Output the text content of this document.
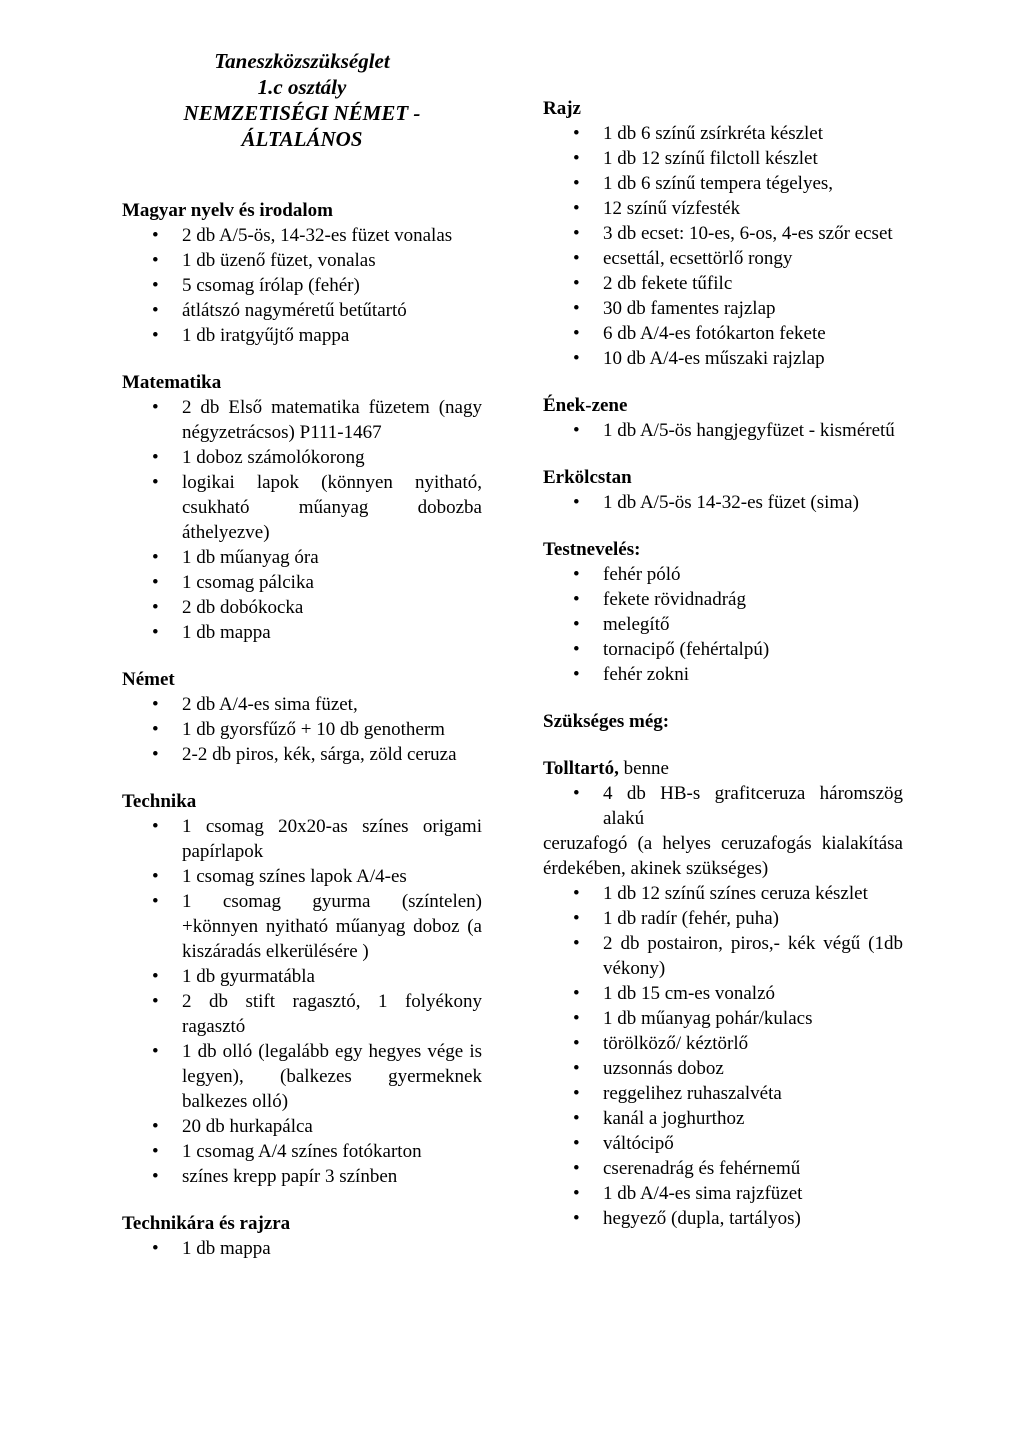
Taneszközszükséglet
1.c osztály
NEMZETISÉGI NÉMET -
ÁLTALÁNOS

Magyar nyelv és irodalom

• 2 db A/5-ös, 14-32-es füzet vonalas
• 1 db üzenő füzet, vonalas
• 5 csomag írólap (fehér)
• átlátszó nagyméretű betűtartó
• 1 db iratgyűjtő mappa

Matematika

• 2 db Első matematika füzetem (nagy négyzetrácsos) P111-1467
• 1 doboz számolókorong
• logikai lapok (könnyen nyitható, csukható műanyag dobozba áthelyezve)
• 1 db műanyag óra
• 1 csomag pálcika
• 2 db dobókocka
• 1 db mappa

Német

• 2 db A/4-es sima füzet,
• 1 db gyorsfűző + 10 db genotherm
• 2-2 db piros, kék, sárga, zöld ceruza

Technika

• 1 csomag 20x20-as színes origami papírlapok
• 1 csomag színes lapok A/4-es
• 1 csomag gyurma (színtelen) +könnyen nyitható műanyag doboz (a kiszáradás elkerülésére )
• 1 db gyurmatábla
• 2 db stift ragasztó, 1 folyékony ragasztó
• 1 db olló (legalább egy hegyes vége is legyen), (balkezes gyermeknek balkezes olló)
• 20 db hurkapálca
• 1 csomag A/4 színes fotókarton
• színes krepp papír 3 színben

Technikára és rajzra

• 1 db mappa

Rajz

• 1 db 6 színű zsírkréta készlet
• 1 db 12 színű filctoll készlet
• 1 db 6 színű tempera tégelyes,
• 12 színű vízfesték
• 3 db ecset: 10-es, 6-os, 4-es szőr ecset
• ecsettál, ecsettörlő rongy
• 2 db fekete tűfilc
• 30 db famentes rajzlap
• 6 db A/4-es fotókarton fekete
• 10 db A/4-es műszaki rajzlap

Ének-zene

• 1 db A/5-ös hangjegyfüzet - kisméretű

Erkölcstan

• 1 db A/5-ös 14-32-es füzet (sima)

Testnevelés:

• fehér póló
• fekete rövidnadrág
• melegítő
• tornacipő (fehértalpú)
• fehér zokni

Szükséges még:

Tolltartó, benne

• 4 db HB-s grafitceruza háromszög alakú

ceruzafogó (a helyes ceruzafogás kialakítása érdekében, akinek szükséges)

• 1 db 12 színű színes ceruza készlet
• 1 db radír (fehér, puha)
• 2 db postairon, piros,- kék végű (1db vékony)
• 1 db 15 cm-es vonalzó
• 1 db műanyag pohár/kulacs
• törölköző/ kéztörlő
• uzsonnás doboz
• reggelihez ruhaszalvéta
• kanál a joghurthoz
• váltócipő
• cserenadrág és fehérnemű
• 1 db A/4-es sima rajzfüzet
• hegyező (dupla, tartályos)
